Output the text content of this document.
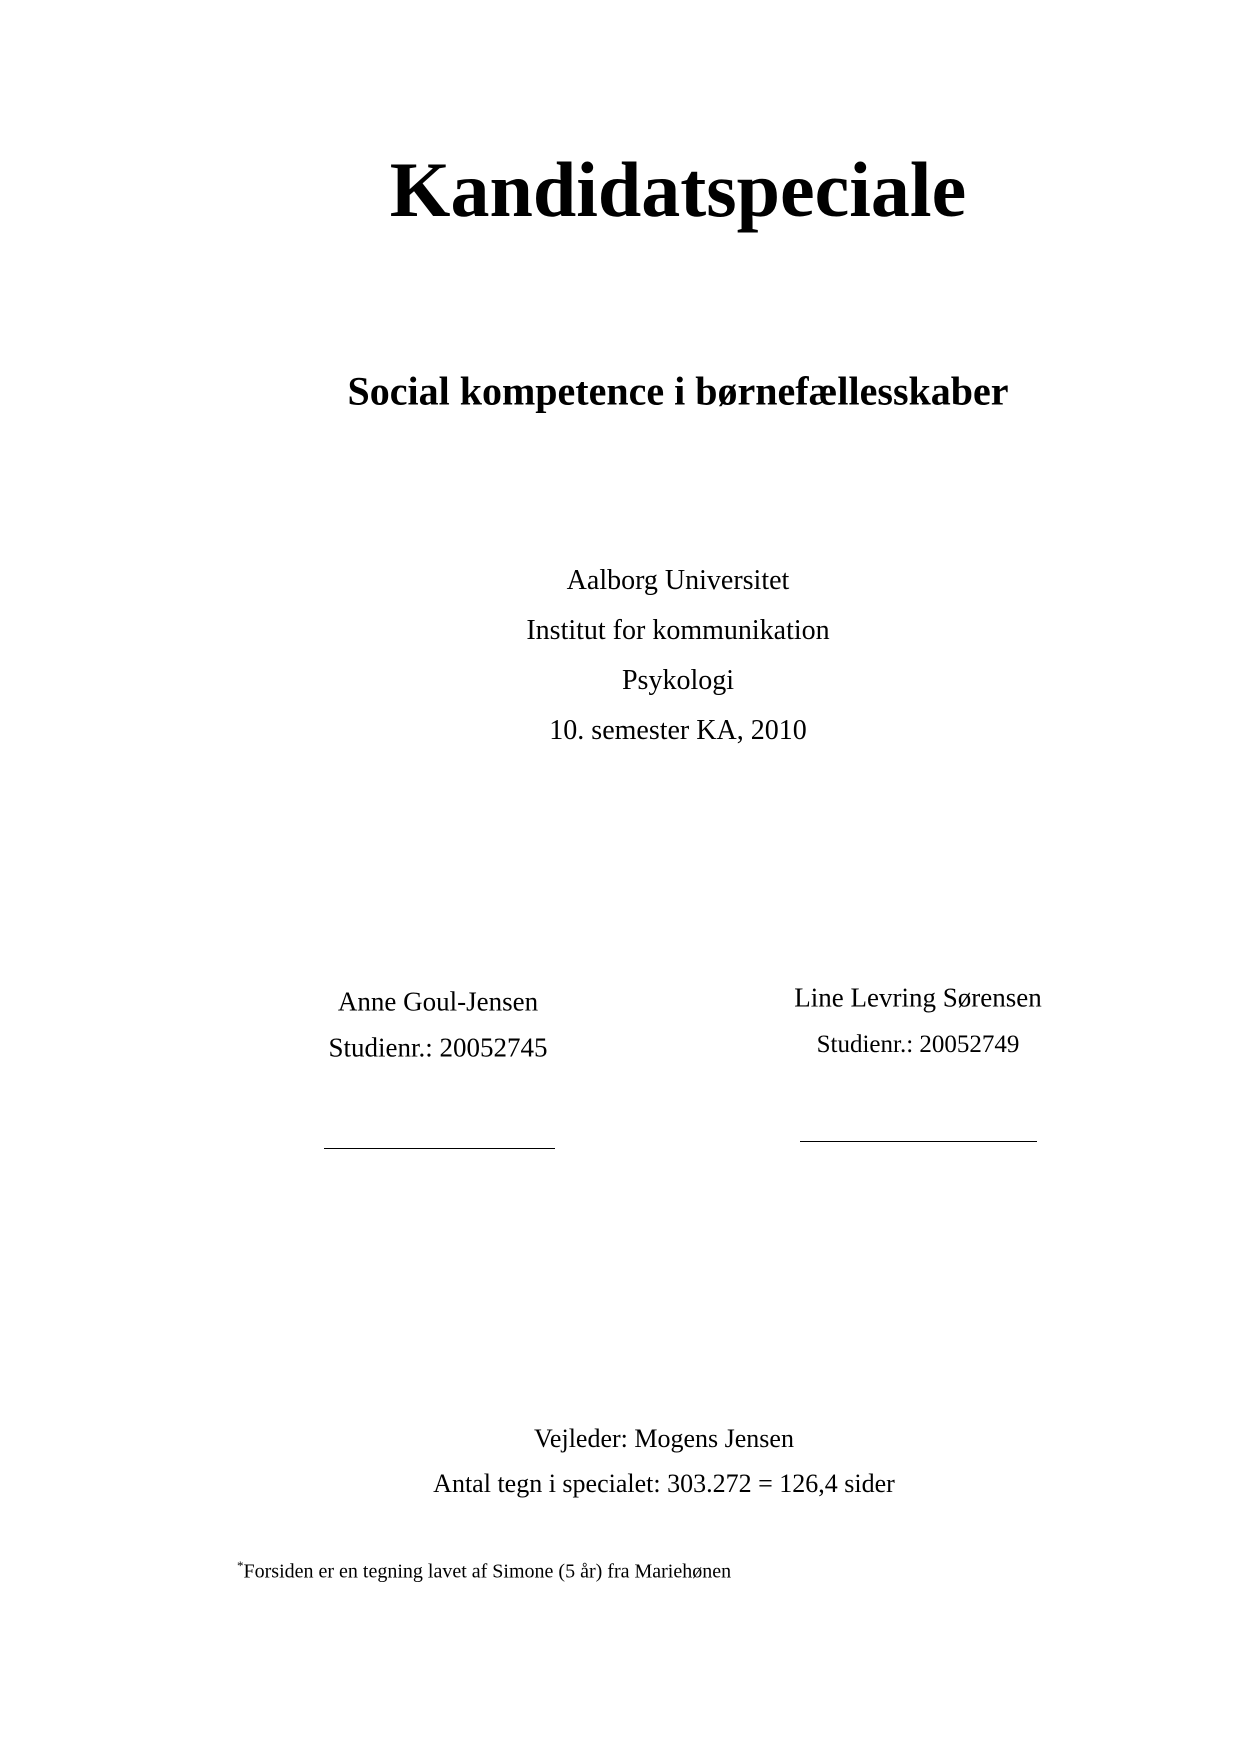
Kandidatspeciale
Social kompetence i børnefællesskaber
Aalborg Universitet
Institut for kommunikation
Psykologi
10. semester KA, 2010
Anne Goul-Jensen
Studienr.: 20052745
Line Levring Sørensen
Studienr.: 20052749
Vejleder: Mogens Jensen
Antal tegn i specialet: 303.272 = 126,4 sider
*Forsiden er en tegning lavet af Simone (5 år) fra Mariehønen
